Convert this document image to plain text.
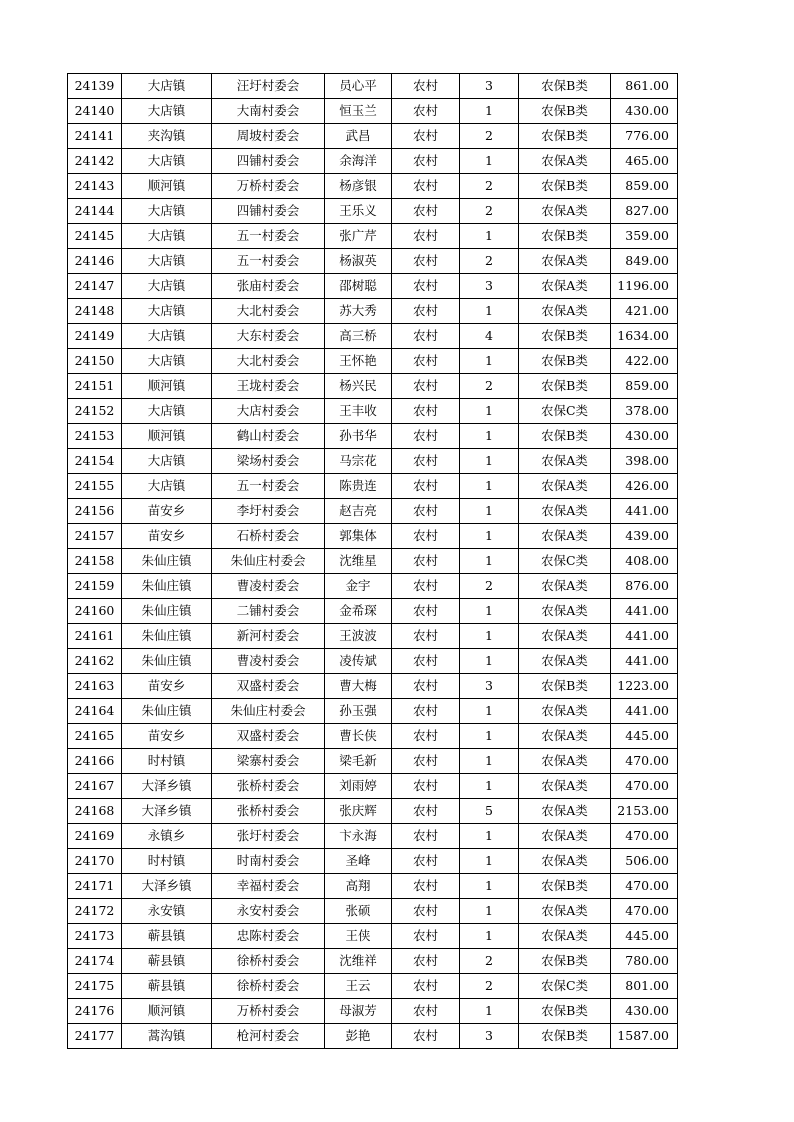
24139	大店镇	汪圩村委会	员心平	农村	3	农保B类	861.00
24140	大店镇	大南村委会	恒玉兰	农村	1	农保B类	430.00
24141	夹沟镇	周坡村委会	武昌	农村	2	农保B类	776.00
24142	大店镇	四铺村委会	余海洋	农村	1	农保A类	465.00
24143	顺河镇	万桥村委会	杨彦银	农村	2	农保B类	859.00
24144	大店镇	四铺村委会	王乐义	农村	2	农保A类	827.00
24145	大店镇	五一村委会	张广芹	农村	1	农保B类	359.00
24146	大店镇	五一村委会	杨淑英	农村	2	农保A类	849.00
24147	大店镇	张庙村委会	邵树聪	农村	3	农保A类	1196.00
24148	大店镇	大北村委会	苏大秀	农村	1	农保A类	421.00
24149	大店镇	大东村委会	高三桥	农村	4	农保B类	1634.00
24150	大店镇	大北村委会	王怀艳	农村	1	农保B类	422.00
24151	顺河镇	王垅村委会	杨兴民	农村	2	农保B类	859.00
24152	大店镇	大店村委会	王丰收	农村	1	农保C类	378.00
24153	顺河镇	鹤山村委会	孙书华	农村	1	农保B类	430.00
24154	大店镇	梁场村委会	马宗花	农村	1	农保A类	398.00
24155	大店镇	五一村委会	陈贵连	农村	1	农保A类	426.00
24156	苗安乡	李圩村委会	赵吉亮	农村	1	农保A类	441.00
24157	苗安乡	石桥村委会	郭集体	农村	1	农保A类	439.00
24158	朱仙庄镇	朱仙庄村委会	沈维星	农村	1	农保C类	408.00
24159	朱仙庄镇	曹凌村委会	金宇	农村	2	农保A类	876.00
24160	朱仙庄镇	二铺村委会	金希琛	农村	1	农保A类	441.00
24161	朱仙庄镇	新河村委会	王波波	农村	1	农保A类	441.00
24162	朱仙庄镇	曹凌村委会	凌传斌	农村	1	农保A类	441.00
24163	苗安乡	双盛村委会	曹大梅	农村	3	农保B类	1223.00
24164	朱仙庄镇	朱仙庄村委会	孙玉强	农村	1	农保A类	441.00
24165	苗安乡	双盛村委会	曹长侠	农村	1	农保A类	445.00
24166	时村镇	梁寨村委会	梁毛新	农村	1	农保A类	470.00
24167	大泽乡镇	张桥村委会	刘雨婷	农村	1	农保A类	470.00
24168	大泽乡镇	张桥村委会	张庆辉	农村	5	农保A类	2153.00
24169	永镇乡	张圩村委会	卞永海	农村	1	农保A类	470.00
24170	时村镇	时南村委会	圣峰	农村	1	农保A类	506.00
24171	大泽乡镇	幸福村委会	高翔	农村	1	农保B类	470.00
24172	永安镇	永安村委会	张硕	农村	1	农保A类	470.00
24173	蕲县镇	忠陈村委会	王侠	农村	1	农保A类	445.00
24174	蕲县镇	徐桥村委会	沈维祥	农村	2	农保B类	780.00
24175	蕲县镇	徐桥村委会	王云	农村	2	农保C类	801.00
24176	顺河镇	万桥村委会	母淑芳	农村	1	农保B类	430.00
24177	蒿沟镇	枪河村委会	彭艳	农村	3	农保B类	1587.00
